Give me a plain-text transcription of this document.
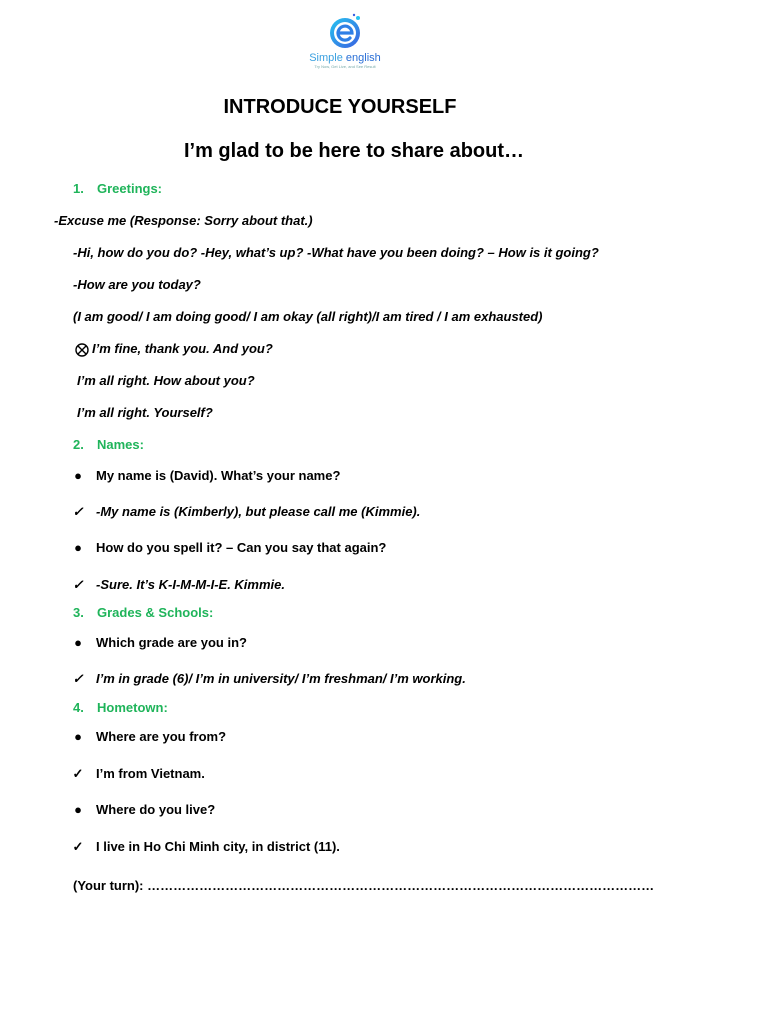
Simple english
Try Now, Get Live, and See Result
INTRODUCE YOURSELF
I’m glad to be here to share about…
1. Greetings:
-Excuse me (Response: Sorry about that.)
-Hi, how do you do? -Hey, what’s up? -What have you been doing? – How is it going?
-How are you today?
(I am good/ I am doing good/ I am okay (all right)/I am tired / I am exhausted)
I’m fine, thank you. And you?
I’m all right. How about you?
I’m all right. Yourself?
2. Names:
●	My name is (David). What’s your name?
✓ -My name is (Kimberly), but please call me (Kimmie).
●	How do you spell it? – Can you say that again?
✓ -Sure. It’s K-I-M-M-I-E. Kimmie.
3. Grades & Schools:
●	Which grade are you in?
✓ I’m in grade (6)/ I’m in university/ I’m freshman/ I’m working.
4. Hometown:
●	Where are you from?
✓ I’m from Vietnam.
●	Where do you live?
✓ I live in Ho Chi Minh city, in district (11).
(Your turn): ………………………………………………………………………………………………………
